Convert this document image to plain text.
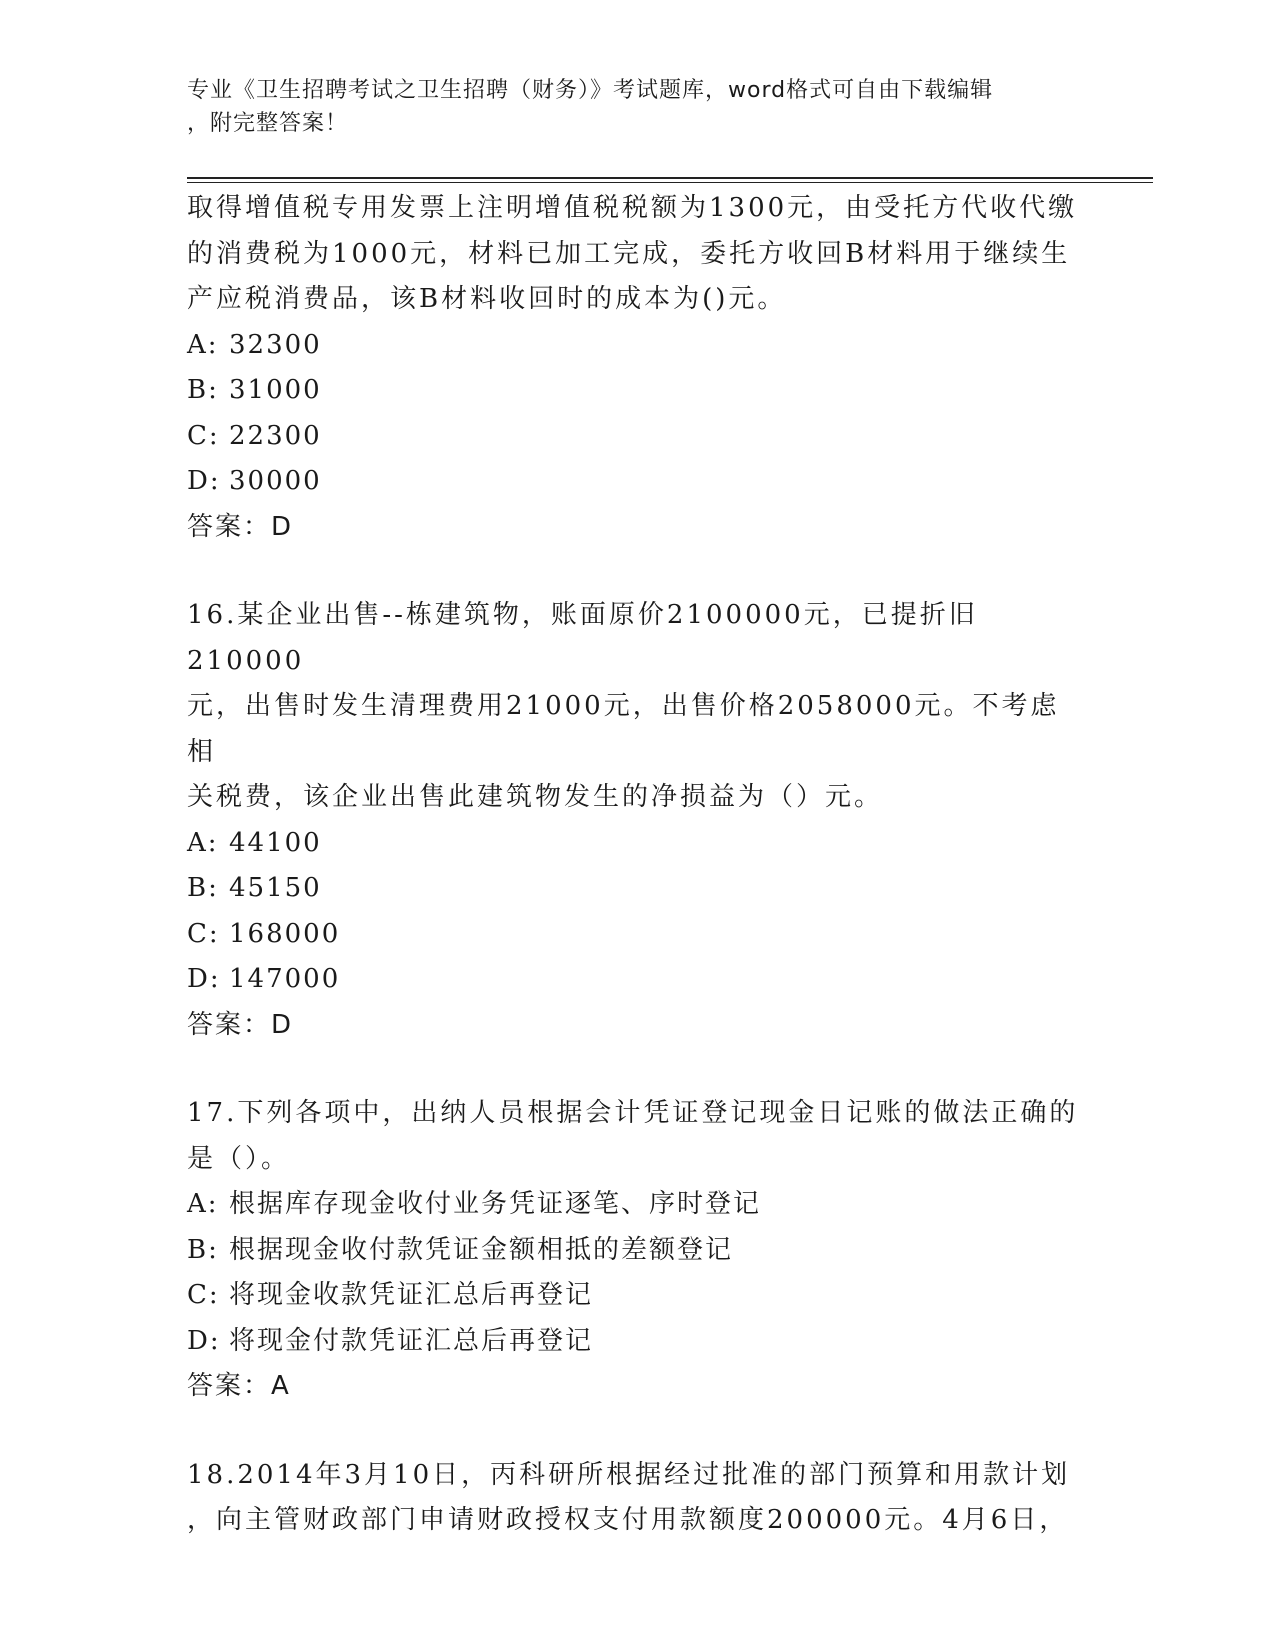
专业《卫生招聘考试之卫生招聘（财务）》考试题库，word格式可自由下载编辑
，附完整答案！
取得增值税专用发票上注明增值税税额为1300元，由受托方代收代缴
的消费税为1000元，材料已加工完成，委托方收回B材料用于继续生
产应税消费品，该B材料收回时的成本为()元。
A: 32300
B: 31000
C: 22300
D: 30000
答案：D
16.某企业出售--栋建筑物，账面原价2100000元，已提折旧210000
元，出售时发生清理费用21000元，出售价格2058000元。不考虑相
关税费，该企业出售此建筑物发生的净损益为（）元。
A: 44100
B: 45150
C: 168000
D: 147000
答案：D
17.下列各项中，出纳人员根据会计凭证登记现金日记账的做法正确的
是（）。
A: 根据库存现金收付业务凭证逐笔、序时登记
B: 根据现金收付款凭证金额相抵的差额登记
C: 将现金收款凭证汇总后再登记
D: 将现金付款凭证汇总后再登记
答案：A
18.2014年3月10日，丙科研所根据经过批准的部门预算和用款计划
，向主管财政部门申请财政授权支付用款额度200000元。4月6日，
